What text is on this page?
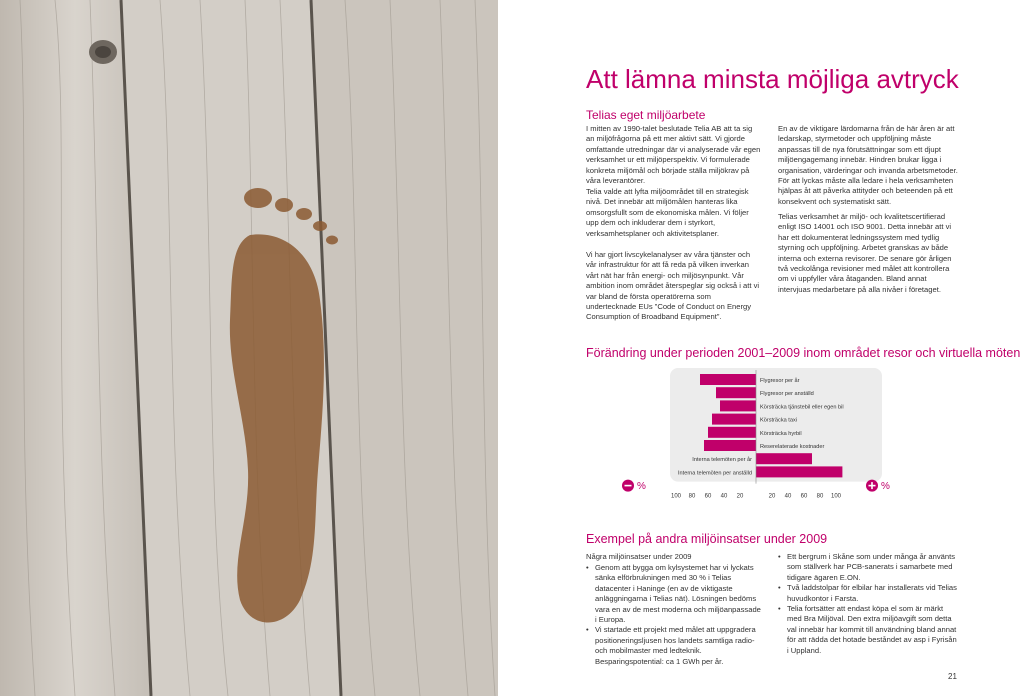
Att lämna minsta möjliga avtryck
Telias eget miljöarbete

I mitten av 1990-talet beslutade Telia AB att ta sig an miljöfrågorna på ett mer aktivt sätt. Vi gjorde omfattande utredningar där vi analyserade vår egen verksamhet ur ett miljöperspektiv. Vi formulerade konkreta miljömål och började ställa miljökrav på våra leverantörer.

Telia valde att lyfta miljöområdet till en strategisk nivå. Det innebär att miljömålen hanteras lika omsorgsfullt som de ekonomiska målen. Vi följer upp dem och inkluderar dem i styrkort, verksamhetsplaner och aktivitetsplaner.

Vi har gjort livscykelanalyser av våra tjänster och vår infrastruktur för att få reda på vilken inverkan vårt nät har från energi- och miljösynpunkt. Vår ambition inom området återspeglar sig också i att vi var bland de första operatörerna som undertecknade EUs ”Code of Conduct on Energy Consumption of Broadband Equipment”.

En av de viktigare lärdomarna från de här åren är att ledarskap, styrmetoder och uppföljning måste anpassas till de nya förutsättningar som ett djupt miljöengagemang innebär. Hindren brukar ligga i organisation, värderingar och invanda arbetsmetoder. För att lyckas måste alla ledare i hela verksamheten hjälpas åt att påverka attityder och beteenden på ett konsekvent och systematiskt sätt.

Telias verksamhet är miljö- och kvalitetscertifierad enligt ISO 14001 och ISO 9001. Detta innebär att vi har ett dokumenterat ledningssystem med tydlig styrning och uppföljning. Arbetet granskas av både interna och externa revisorer. De senare gör årligen två veckolånga revisioner med målet att kontrollera om vi uppfyller våra åtaganden. Bland annat intervjuas medarbetare på alla nivåer i företaget.

Förändring under perioden 2001–2009 inom området resor och virtuella möten
Flygresor per år
Flygresor per anställd
Körsträcka tjänstebil eller egen bil
Körsträcka taxi
Körsträcka hyrbil
Reserelaterade kostnader
Internа telemöten per år
Interna telemöten per anställd
100 80 60 40 20	20 40 60 80 100
%	%
Exempel på andra miljöinsatser under 2009

Några miljöinsatser under 2009

• Genom att bygga om kylsystemet har vi lyckats sänka elförbrukningen med 30 % i Telias datacenter i Haninge (en av de viktigaste anläggningarna i Telias nät). Lösningen bedöms vara en av de mest moderna och miljöanpassade i Europa.
• Vi startade ett projekt med målet att uppgradera positioneringsljusen hos landets samtliga radio- och mobilmaster med ledteknik. Besparingspotential: ca 1 GWh per år.
• Ett bergrum i Skåne som under många år använts som ställverk har PCB-sanerats i samarbete med tidigare ägaren E.ON.
• Två laddstolpar för elbilar har installerats vid Telias huvudkontor i Farsta.
• Telia fortsätter att endast köpa el som är märkt med Bra Miljöval. Den extra miljöavgift som detta val innebär har kommit till användning bland annat för att rädda det hotade beståndet av asp i Fyrisån i Uppland.
21
